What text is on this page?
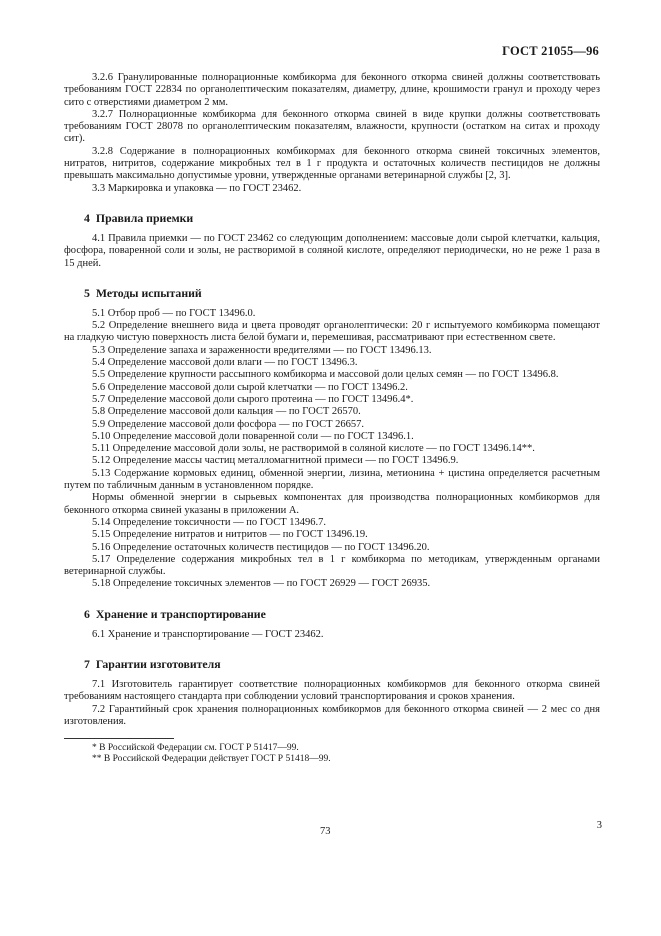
ГОСТ 21055—96

3.2.6 Гранулированные полнорационные комбикорма для беконного откорма свиней должны соответствовать требованиям ГОСТ 22834 по органолептическим показателям, диаметру, длине, крошимости гранул и проходу через сито с отверстиями диаметром 2 мм.

3.2.7 Полнорационные комбикорма для беконного откорма свиней в виде крупки должны соответствовать требованиям ГОСТ 28078 по органолептическим показателям, влажности, крупности (остатком на ситах и проходу сит).

3.2.8 Содержание в полнорационных комбикормах для беконного откорма свиней токсичных элементов, нитратов, нитритов, содержание микробных тел в 1 г продукта и остаточных количеств пестицидов не должны превышать максимально допустимые уровни, утвержденные органами ветеринарной службы [2, 3].

3.3 Маркировка и упаковка — по ГОСТ 23462.

4 Правила приемки

4.1 Правила приемки — по ГОСТ 23462 со следующим дополнением: массовые доли сырой клетчатки, кальция, фосфора, поваренной соли и золы, не растворимой в соляной кислоте, определяют периодически, но не реже 1 раза в 15 дней.

5 Методы испытаний

5.1 Отбор проб — по ГОСТ 13496.0.

5.2 Определение внешнего вида и цвета проводят органолептически: 20 г испытуемого комбикорма помещают на гладкую чистую поверхность листа белой бумаги и, перемешивая, рассматривают при естественном свете.

5.3 Определение запаха и зараженности вредителями — по ГОСТ 13496.13.

5.4 Определение массовой доли влаги — по ГОСТ 13496.3.

5.5 Определение крупности рассыпного комбикорма и массовой доли целых семян — по ГОСТ 13496.8.

5.6 Определение массовой доли сырой клетчатки — по ГОСТ 13496.2.

5.7 Определение массовой доли сырого протеина — по ГОСТ 13496.4*.

5.8 Определение массовой доли кальция — по ГОСТ 26570.

5.9 Определение массовой доли фосфора — по ГОСТ 26657.

5.10 Определение массовой доли поваренной соли — по ГОСТ 13496.1.

5.11 Определение массовой доли золы, не растворимой в соляной кислоте — по ГОСТ 13496.14**.

5.12 Определение массы частиц металломагнитной примеси — по ГОСТ 13496.9.

5.13 Содержание кормовых единиц, обменной энергии, лизина, метионина + цистина определяется расчетным путем по табличным данным в установленном порядке.

Нормы обменной энергии в сырьевых компонентах для производства полнорационных комбикормов для беконного откорма свиней указаны в приложении А.

5.14 Определение токсичности — по ГОСТ 13496.7.

5.15 Определение нитратов и нитритов — по ГОСТ 13496.19.

5.16 Определение остаточных количеств пестицидов — по ГОСТ 13496.20.

5.17 Определение содержания микробных тел в 1 г комбикорма по методикам, утвержденным органами ветеринарной службы.

5.18 Определение токсичных элементов — по ГОСТ 26929 — ГОСТ 26935.

6 Хранение и транспортирование

6.1 Хранение и транспортирование — ГОСТ 23462.

7 Гарантии изготовителя

7.1 Изготовитель гарантирует соответствие полнорационных комбикормов для беконного откорма свиней требованиям настоящего стандарта при соблюдении условий транспортирования и сроков хранения.

7.2 Гарантийный срок хранения полнорационных комбикормов для беконного откорма свиней — 2 мес со дня изготовления.

* В Российской Федерации см. ГОСТ Р 51417—99.

** В Российской Федерации действует ГОСТ Р 51418—99.

73
3
